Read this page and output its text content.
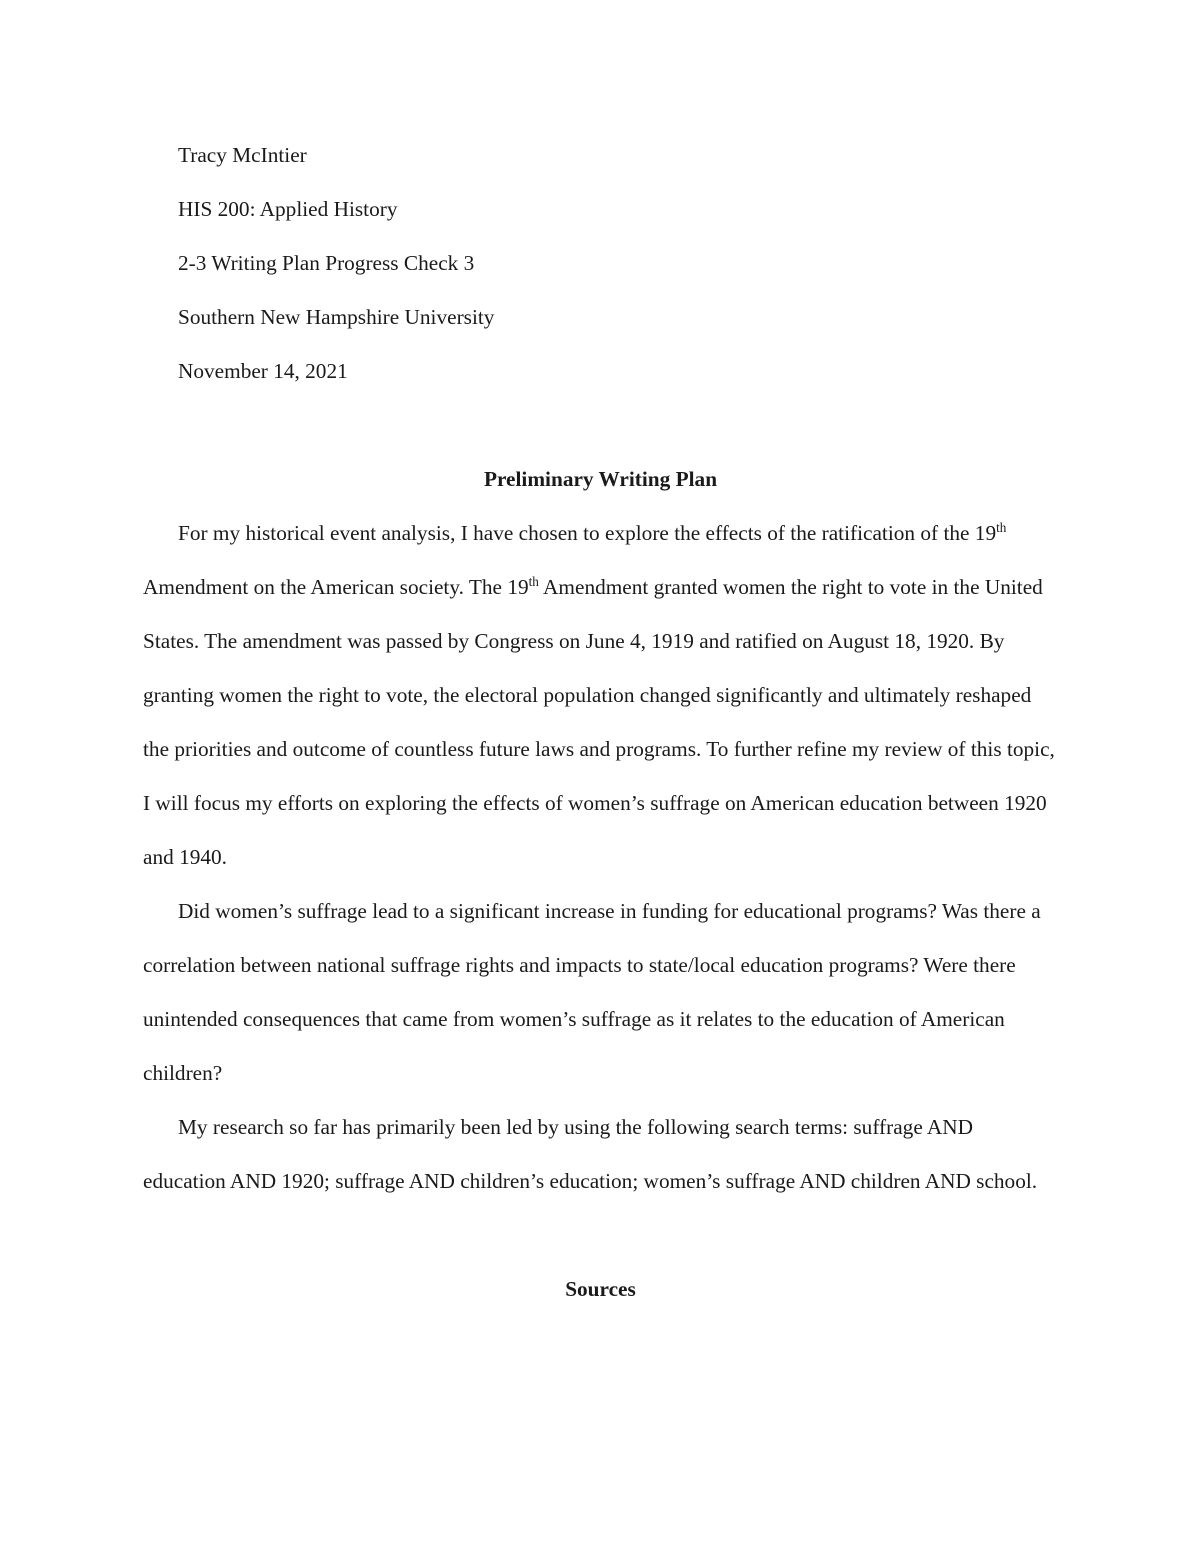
Tracy McIntier

HIS 200: Applied History

2-3 Writing Plan Progress Check 3

Southern New Hampshire University

November 14, 2021

Preliminary Writing Plan

For my historical event analysis, I have chosen to explore the effects of the ratification of the 19th Amendment on the American society. The 19th Amendment granted women the right to vote in the United States. The amendment was passed by Congress on June 4, 1919 and ratified on August 18, 1920. By granting women the right to vote, the electoral population changed significantly and ultimately reshaped the priorities and outcome of countless future laws and programs. To further refine my review of this topic, I will focus my efforts on exploring the effects of women’s suffrage on American education between 1920 and 1940.

Did women’s suffrage lead to a significant increase in funding for educational programs? Was there a correlation between national suffrage rights and impacts to state/local education programs? Were there unintended consequences that came from women’s suffrage as it relates to the education of American children?

My research so far has primarily been led by using the following search terms: suffrage AND education AND 1920; suffrage AND children’s education; women’s suffrage AND children AND school.

Sources
